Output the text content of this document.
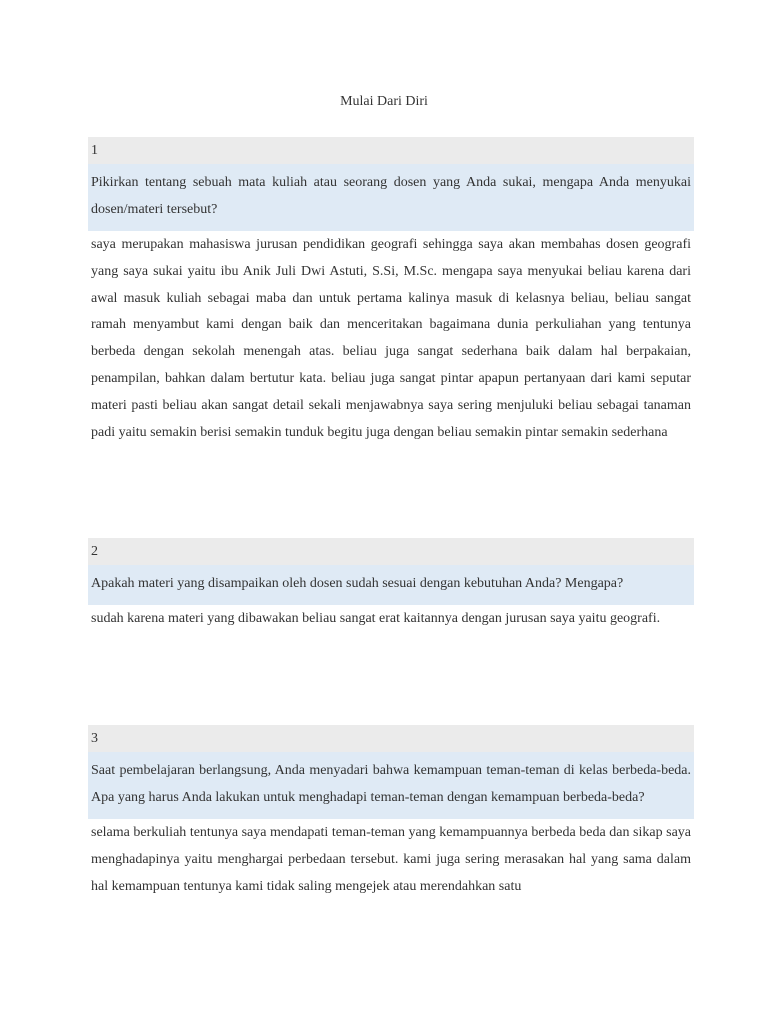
Mulai Dari Diri
1
Pikirkan tentang sebuah mata kuliah atau seorang dosen yang Anda sukai, mengapa Anda menyukai dosen/materi tersebut?
saya merupakan mahasiswa jurusan pendidikan geografi sehingga saya akan membahas dosen geografi yang saya sukai yaitu ibu Anik Juli Dwi Astuti, S.Si, M.Sc. mengapa saya menyukai beliau karena dari awal masuk kuliah sebagai maba dan untuk pertama kalinya masuk di kelasnya beliau, beliau sangat ramah menyambut kami dengan baik dan menceritakan bagaimana dunia perkuliahan yang tentunya berbeda dengan sekolah menengah atas. beliau juga sangat sederhana baik dalam hal berpakaian, penampilan, bahkan dalam bertutur kata. beliau juga sangat pintar apapun pertanyaan dari kami seputar materi pasti beliau akan sangat detail sekali menjawabnya saya sering menjuluki beliau sebagai tanaman padi yaitu semakin berisi semakin tunduk begitu juga dengan beliau semakin pintar semakin sederhana
2
Apakah materi yang disampaikan oleh dosen sudah sesuai dengan kebutuhan Anda? Mengapa?
sudah karena materi yang dibawakan beliau sangat erat kaitannya dengan jurusan saya yaitu geografi.
3
Saat pembelajaran berlangsung, Anda menyadari bahwa kemampuan teman-teman di kelas berbeda-beda. Apa yang harus Anda lakukan untuk menghadapi teman-teman dengan kemampuan berbeda-beda?
selama berkuliah tentunya saya mendapati teman-teman yang kemampuannya berbeda beda dan sikap saya menghadapinya yaitu menghargai perbedaan tersebut. kami juga sering merasakan hal yang sama dalam hal kemampuan tentunya kami tidak saling mengejek atau merendahkan satu
